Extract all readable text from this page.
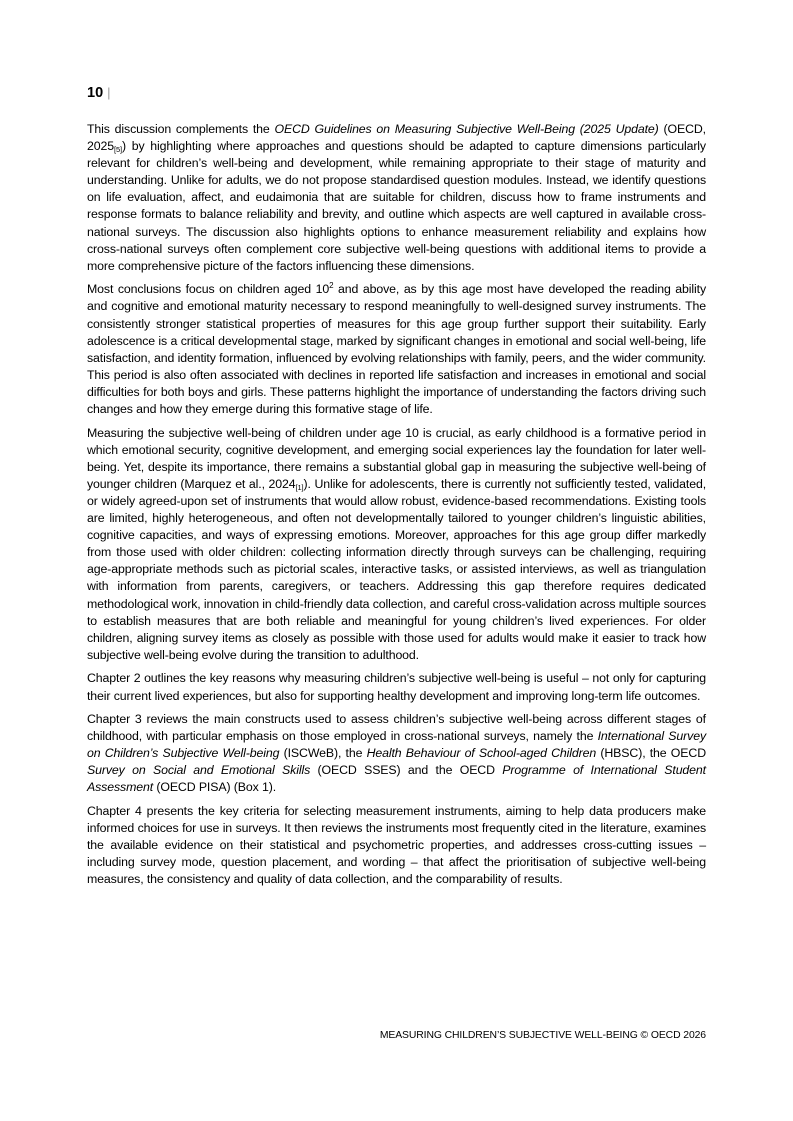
10 |

This discussion complements the OECD Guidelines on Measuring Subjective Well-Being (2025 Update) (OECD, $2025_{[5]}$) by highlighting where approaches and questions should be adapted to capture dimensions particularly relevant for children’s well-being and development, while remaining appropriate to their stage of maturity and understanding. Unlike for adults, we do not propose standardised question modules. Instead, we identify questions on life evaluation, affect, and eudaimonia that are suitable for children, discuss how to frame instruments and response formats to balance reliability and brevity, and outline which aspects are well captured in available cross-national surveys. The discussion also highlights options to enhance measurement reliability and explains how cross-national surveys often complement core subjective well-being questions with additional items to provide a more comprehensive picture of the factors influencing these dimensions.

Most conclusions focus on children aged 10$^2$ and above, as by this age most have developed the reading ability and cognitive and emotional maturity necessary to respond meaningfully to well-designed survey instruments. The consistently stronger statistical properties of measures for this age group further support their suitability. Early adolescence is a critical developmental stage, marked by significant changes in emotional and social well-being, life satisfaction, and identity formation, influenced by evolving relationships with family, peers, and the wider community. This period is also often associated with declines in reported life satisfaction and increases in emotional and social difficulties for both boys and girls. These patterns highlight the importance of understanding the factors driving such changes and how they emerge during this formative stage of life.

Measuring the subjective well-being of children under age 10 is crucial, as early childhood is a formative period in which emotional security, cognitive development, and emerging social experiences lay the foundation for later well-being. Yet, despite its importance, there remains a substantial global gap in measuring the subjective well-being of younger children (Marquez et al., $2024_{[1]}$). Unlike for adolescents, there is currently not sufficiently tested, validated, or widely agreed-upon set of instruments that would allow robust, evidence-based recommendations. Existing tools are limited, highly heterogeneous, and often not developmentally tailored to younger children’s linguistic abilities, cognitive capacities, and ways of expressing emotions. Moreover, approaches for this age group differ markedly from those used with older children: collecting information directly through surveys can be challenging, requiring age-appropriate methods such as pictorial scales, interactive tasks, or assisted interviews, as well as triangulation with information from parents, caregivers, or teachers. Addressing this gap therefore requires dedicated methodological work, innovation in child-friendly data collection, and careful cross-validation across multiple sources to establish measures that are both reliable and meaningful for young children’s lived experiences. For older children, aligning survey items as closely as possible with those used for adults would make it easier to track how subjective well-being evolve during the transition to adulthood.

Chapter 2 outlines the key reasons why measuring children’s subjective well-being is useful – not only for capturing their current lived experiences, but also for supporting healthy development and improving long-term life outcomes.

Chapter 3 reviews the main constructs used to assess children’s subjective well-being across different stages of childhood, with particular emphasis on those employed in cross-national surveys, namely the International Survey on Children’s Subjective Well-being (ISCWeB), the Health Behaviour of School-aged Children (HBSC), the OECD Survey on Social and Emotional Skills (OECD SSES) and the OECD Programme of International Student Assessment (OECD PISA) (Box 1).

Chapter 4 presents the key criteria for selecting measurement instruments, aiming to help data producers make informed choices for use in surveys. It then reviews the instruments most frequently cited in the literature, examines the available evidence on their statistical and psychometric properties, and addresses cross-cutting issues – including survey mode, question placement, and wording – that affect the prioritisation of subjective well-being measures, the consistency and quality of data collection, and the comparability of results.

MEASURING CHILDREN’S SUBJECTIVE WELL-BEING © OECD 2026
